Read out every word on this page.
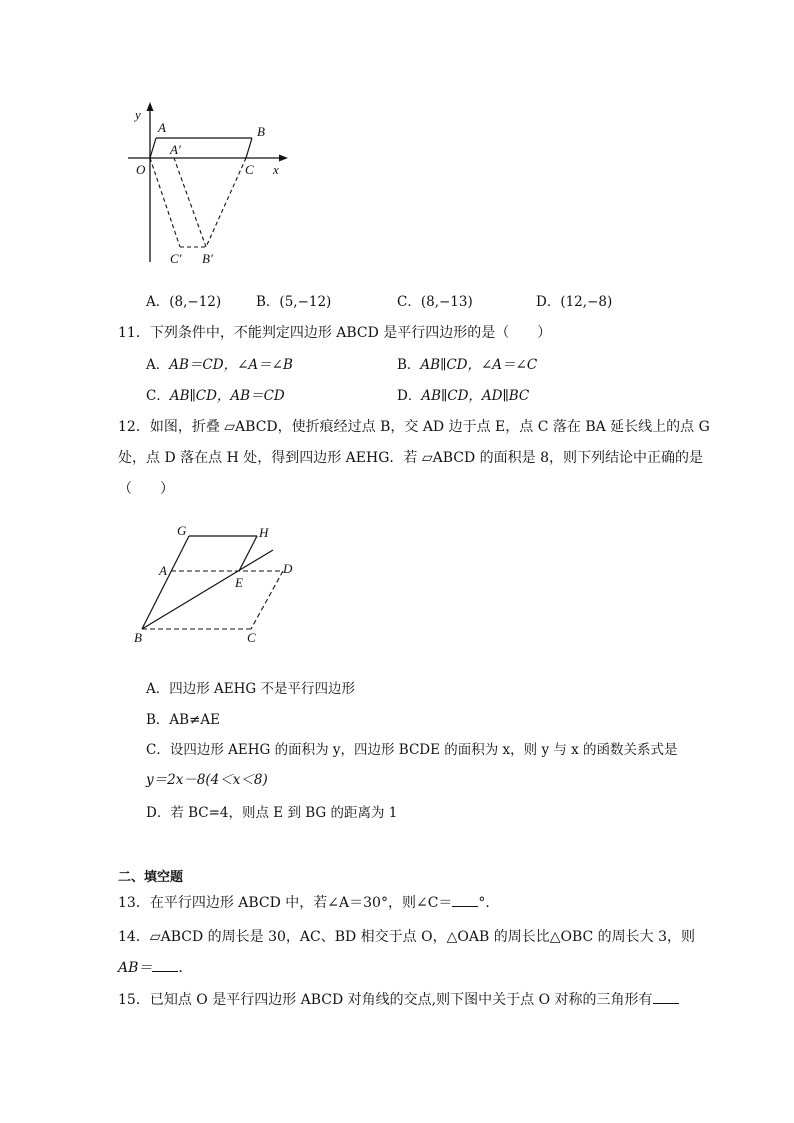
y
x
O
A
A′
B
C
C′ B′
A．(8,−12)	B．(5,−12)	C．(8,−13)	D．(12,−8)
11．下列条件中，不能判定四边形 ABCD 是平行四边形的是（　　）
A．AB＝CD，∠A＝∠B	B．AB∥CD，∠A＝∠C
C．AB∥CD，AB＝CD	D．AB∥CD，AD∥BC
12．如图，折叠 ▱ABCD，使折痕经过点 B，交 AD 边于点 E，点 C 落在 BA 延长线上的点 G
处，点 D 落在点 H 处，得到四边形 AEHG．若 ▱ABCD 的面积是 8，则下列结论中正确的是
（　　）
G	H
A
E
D
B	C
A．四边形 AEHG 不是平行四边形
B．AB≠AE
C．设四边形 AEHG 的面积为 y，四边形 BCDE 的面积为 x，则 y 与 x 的函数关系式是
y＝2x－8(4＜x＜8)
D．若 BC=4，则点 E 到 BG 的距离为 1
二、填空题
13．在平行四边形 ABCD 中，若∠A＝30°，则∠C＝ °．
14．▱ABCD 的周长是 30，AC、BD 相交于点 O，△OAB 的周长比△OBC 的周长大 3，则
AB＝ ．
15．已知点 O 是平行四边形 ABCD 对角线的交点,则下图中关于点 O 对称的三角形有
